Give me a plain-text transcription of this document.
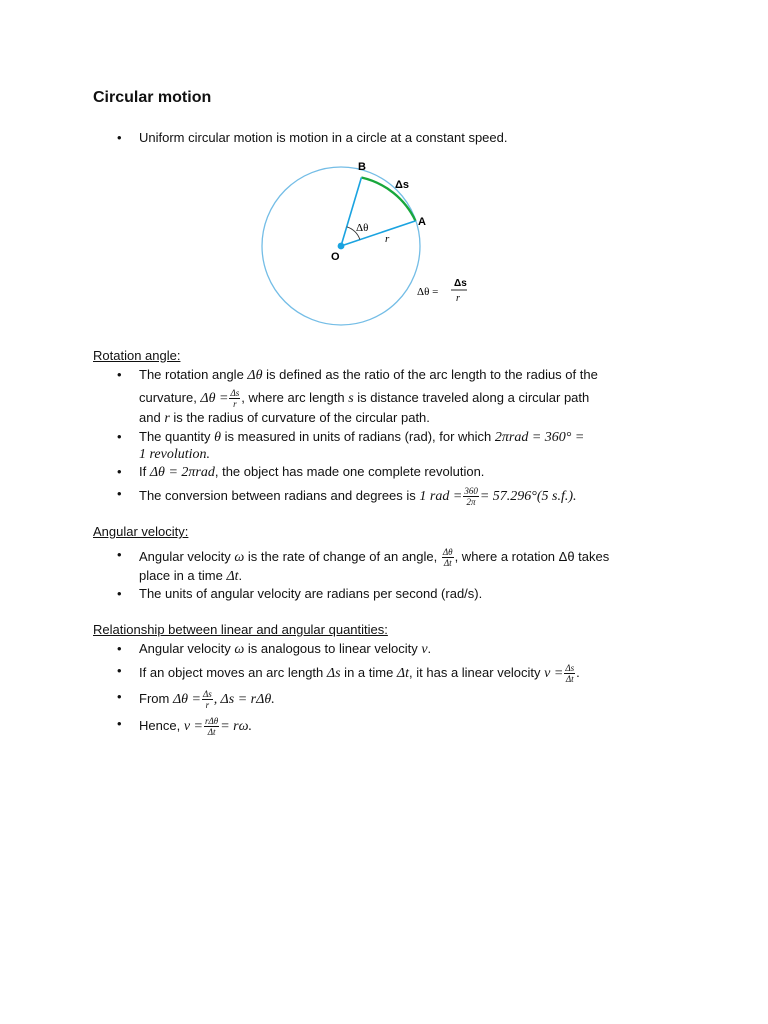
Circular motion
• Uniform circular motion is motion in a circle at a constant speed.
B
A
O
Δs
Δθ
r
Δθ =
Δs
r
Rotation angle:
• The rotation angle Δθ is defined as the ratio of the arc length to the radius of the
curvature, $\Delta\theta = \frac{\Delta s}{r}$ , where arc length s is distance traveled along a circular path
and r is the radius of curvature of the circular path.
• The quantity θ is measured in units of radians (rad), for which 2πrad = 360° =
1 revolution.
• If Δθ = 2πrad, the object has made one complete revolution.
• The conversion between radians and degrees is 1 rad = $\frac{360}{2\pi} = 57.296^\circ(5$ s.f.).
Angular velocity:
• Angular velocity ω is the rate of change of an angle, $\frac{\Delta\theta}{\Delta t}$ , where a rotation Δθ takes
place in a time Δt.
• The units of angular velocity are radians per second (rad/s).
Relationship between linear and angular quantities:
• Angular velocity ω is analogous to linear velocity v.
• If an object moves an arc length Δs in a time Δt, it has a linear velocity $v = \frac{\Delta s}{\Delta t}$ .
• From $\Delta\theta = \frac{\Delta s}{r}$ , Δs = rΔθ.
• Hence, $v = \frac{\text{rΔθ}}{\Delta t} = r\omega$.
